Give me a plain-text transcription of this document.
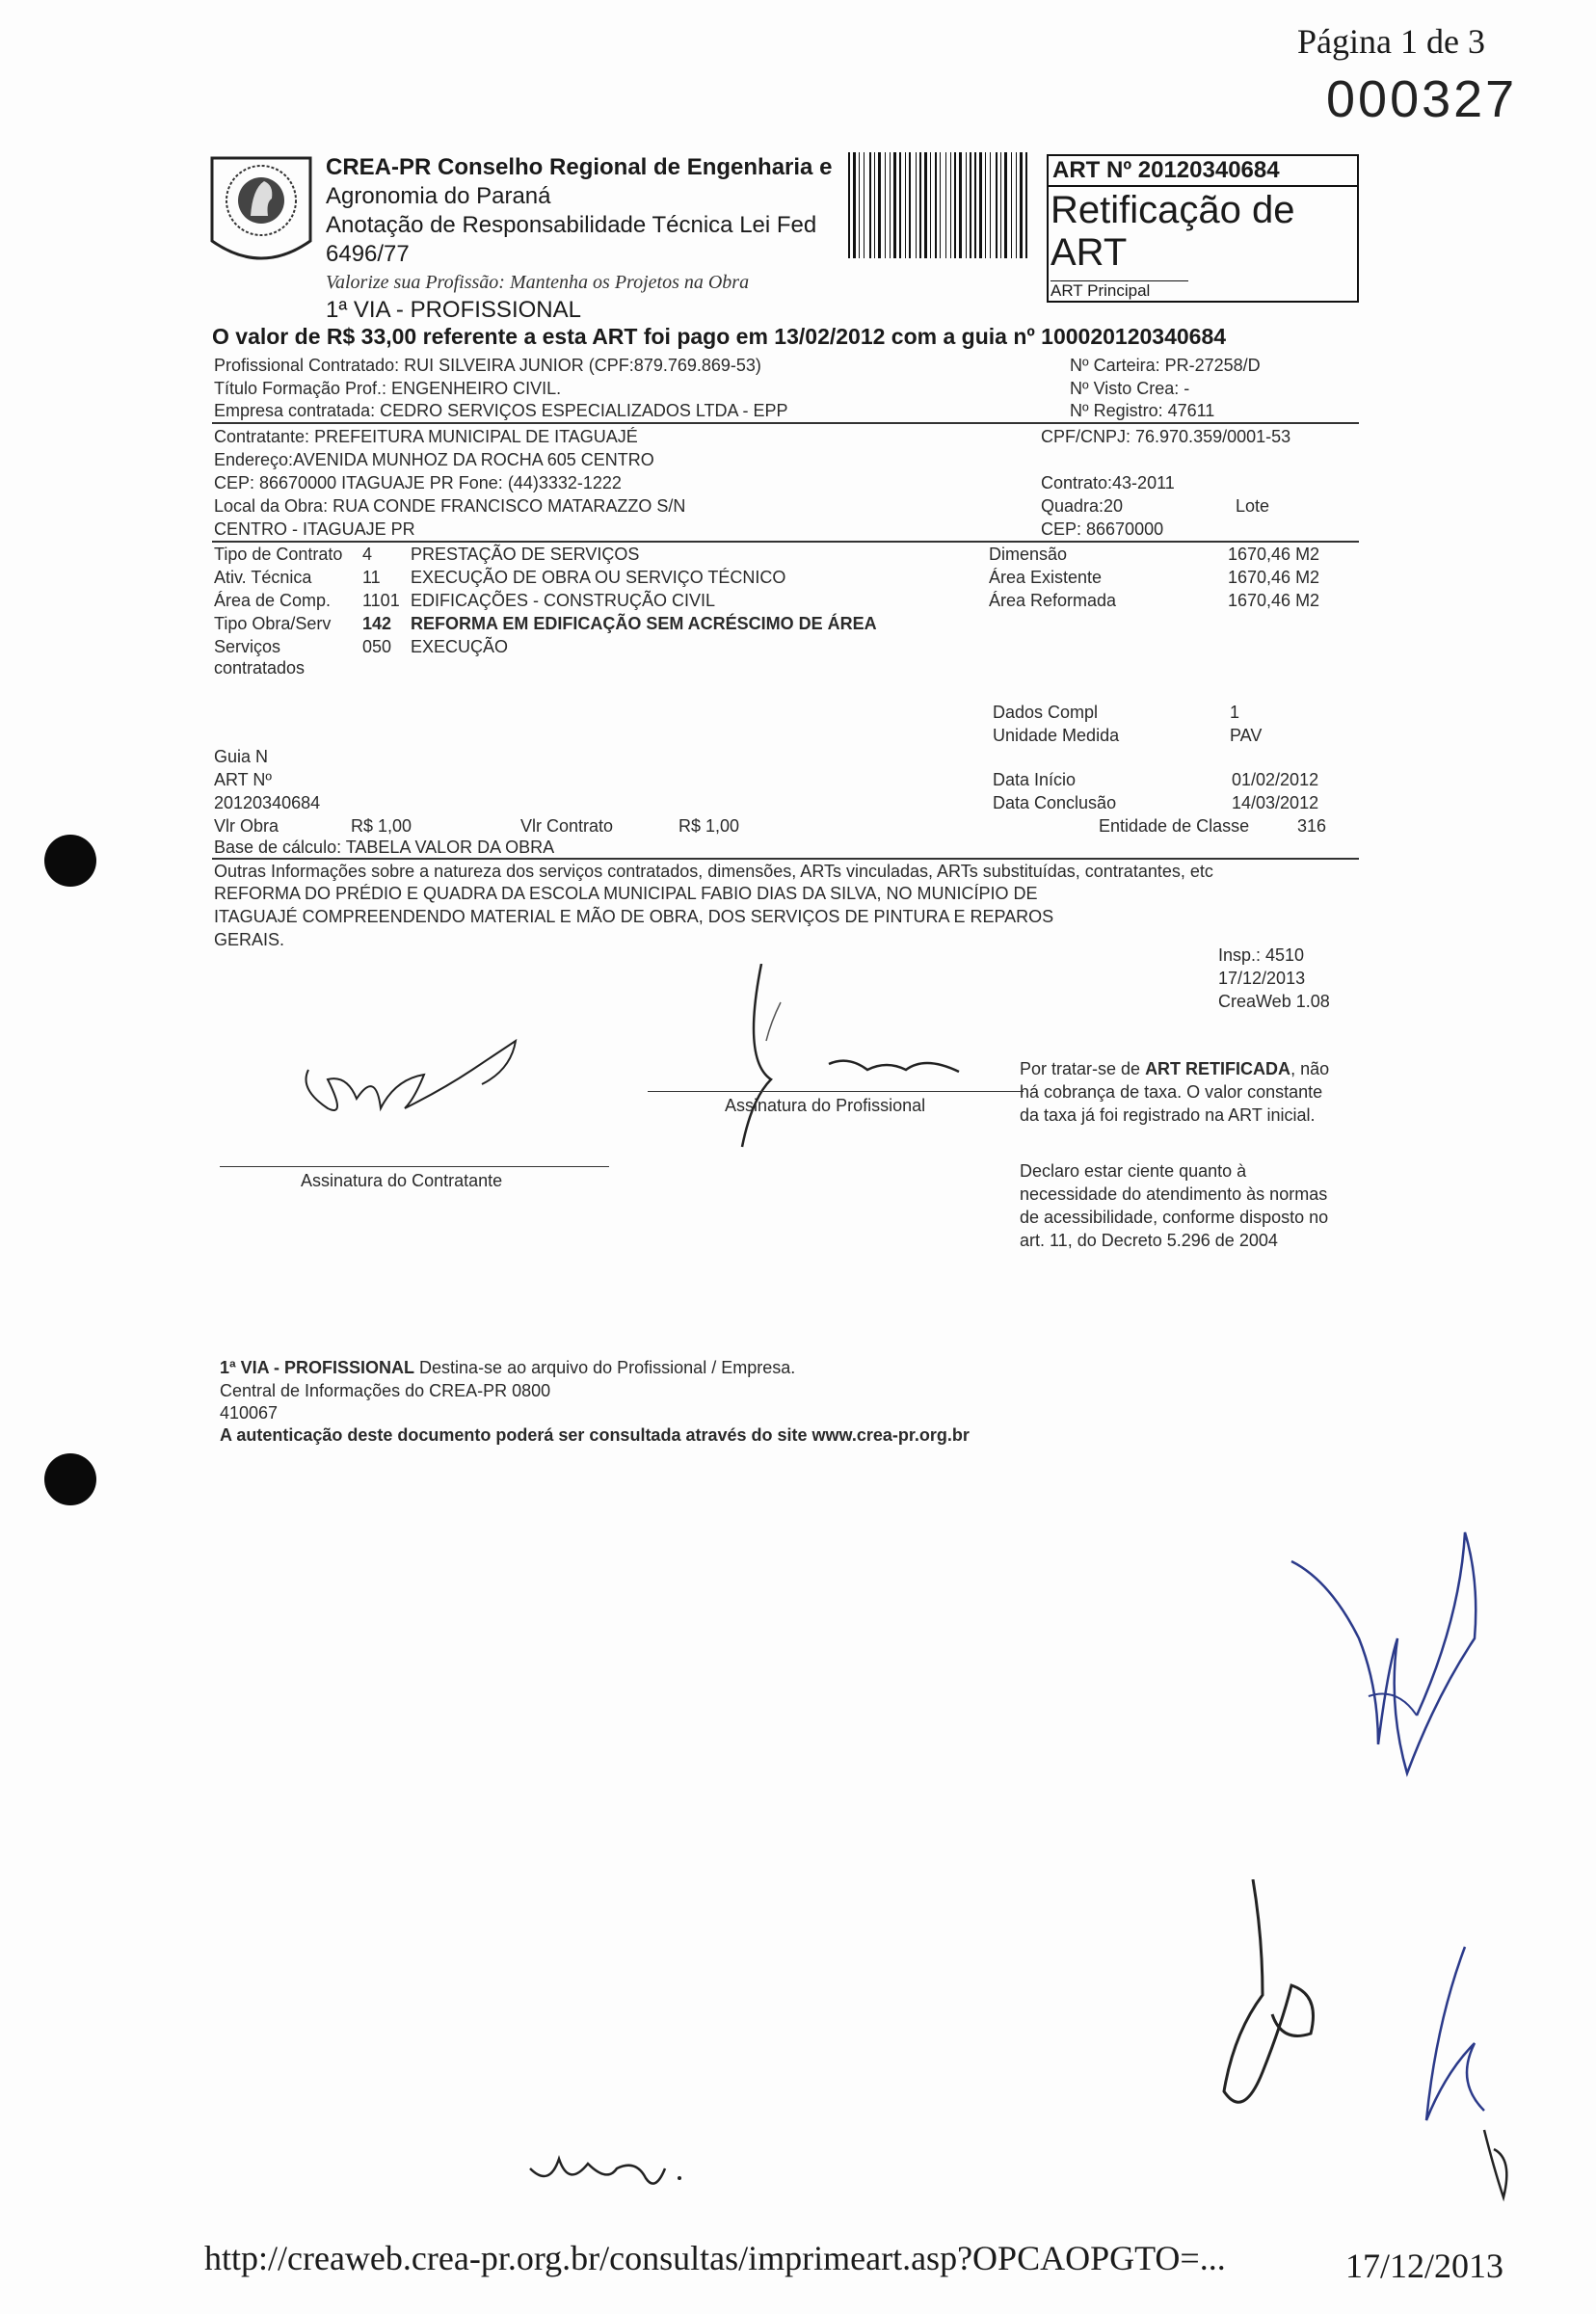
Página 1 de 3
000327
CREA-PR Conselho Regional de Engenharia e
Agronomia do Paraná
Anotação de Responsabilidade Técnica Lei Fed
6496/77
Valorize sua Profissão: Mantenha os Projetos na Obra
1ª VIA - PROFISSIONAL
ART Nº 20120340684
Retificação de
ART
ART Principal
O valor de R$ 33,00 referente a esta ART foi pago em 13/02/2012 com a guia nº 100020120340684
Profissional Contratado: RUI SILVEIRA JUNIOR (CPF:879.769.869-53)
Título Formação Prof.: ENGENHEIRO CIVIL.
Empresa contratada: CEDRO SERVIÇOS ESPECIALIZADOS LTDA - EPP
Nº Carteira: PR-27258/D
Nº Visto Crea: -
Nº Registro: 47611
Contratante: PREFEITURA MUNICIPAL DE ITAGUAJÉ	CPF/CNPJ: 76.970.359/0001-53
Endereço:AVENIDA MUNHOZ DA ROCHA 605 CENTRO
CEP: 86670000 ITAGUAJE PR Fone: (44)3332-1222	Contrato:43-2011
Local da Obra: RUA CONDE FRANCISCO MATARAZZO S/N	Quadra:20	Lote
CENTRO - ITAGUAJE PR	CEP: 86670000
Tipo de Contrato 4 PRESTAÇÃO DE SERVIÇOS
Ativ. Técnica	11 EXECUÇÃO DE OBRA OU SERVIÇO TÉCNICO
Área de Comp. 1101 EDIFICAÇÕES - CONSTRUÇÃO CIVIL
Tipo Obra/Serv 142 REFORMA EM EDIFICAÇÃO SEM ACRÉSCIMO DE ÁREA
Serviços	050 EXECUÇÃO
contratados
Dimensão	1670,46 M2
Área Existente	1670,46 M2
Área Reformada	1670,46 M2
Dados Compl	1
Unidade Medida	PAV
Guia N
ART Nº
20120340684
Vlr Obra	R$ 1,00	Vlr Contrato	R$ 1,00
Base de cálculo: TABELA VALOR DA OBRA
Data Início	01/02/2012
Data Conclusão	14/03/2012
Entidade de Classe	316
Outras Informações sobre a natureza dos serviços contratados, dimensões, ARTs vinculadas, ARTs substituídas, contratantes, etc
REFORMA DO PRÉDIO E QUADRA DA ESCOLA MUNICIPAL FABIO DIAS DA SILVA, NO MUNICÍPIO DE
ITAGUAJÉ COMPREENDENDO MATERIAL E MÃO DE OBRA, DOS SERVIÇOS DE PINTURA E REPAROS
GERAIS.
Insp.: 4510
17/12/2013
CreaWeb 1.08
Assinatura do Profissional
Assinatura do Contratante
Por tratar-se de ART RETIFICADA, não
há cobrança de taxa. O valor constante
da taxa já foi registrado na ART inicial.
Declaro estar ciente quanto à
necessidade do atendimento às normas
de acessibilidade, conforme disposto no
art. 11, do Decreto 5.296 de 2004
1ª VIA - PROFISSIONAL Destina-se ao arquivo do Profissional / Empresa.
Central de Informações do CREA-PR 0800
410067
A autenticação deste documento poderá ser consultada através do site www.crea-pr.org.br
http://creaweb.crea-pr.org.br/consultas/imprimeart.asp?OPCAOPGTO=...	17/12/2013
